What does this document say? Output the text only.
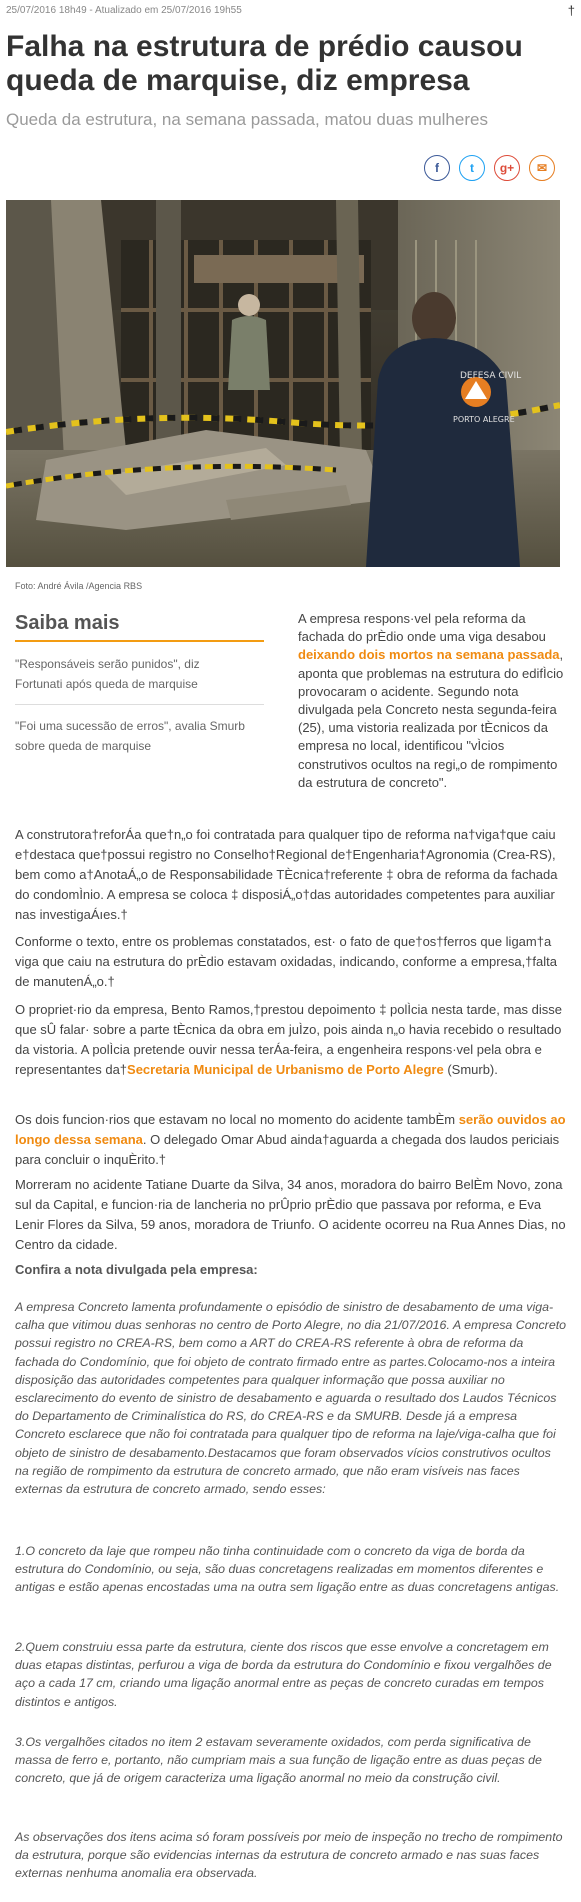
25/07/2016 18h49 - Atualizado em 25/07/2016 19h55	†
Falha na estrutura de prédio causou queda de marquise, diz empresa

Queda da estrutura, na semana passada, matou duas mulheres

f	t g+ ✉
DEFESA CIVIL
PORTO ALEGRE
Foto: André Ávila /Agencia RBS
Saiba mais
"Responsáveis serão punidos", diz Fortunati após queda de marquise
"Foi uma sucessão de erros", avalia Smurb sobre queda de marquise

A empresa respons·vel pela reforma da fachada do prÈdio onde uma viga desabou deixando dois mortos na semana passada, aponta que problemas na estrutura do edifÌcio provocaram o acidente. Segundo nota divulgada pela Concreto nesta segunda-feira (25), uma vistoria realizada por tÈcnicos da empresa no local, identificou "vÌcios construtivos ocultos na regi„o de rompimento da estrutura de concreto".

A construtora†reforÁa que†n„o foi contratada para qualquer tipo de reforma na†viga†que caiu e†destaca que†possui registro no Conselho†Regional de†Engenharia†Agronomia (Crea-RS), bem como a†AnotaÁ„o de Responsabilidade TÈcnica†referente ‡ obra de reforma da fachada do condomÌnio. A empresa se coloca ‡ disposiÁ„o†das autoridades competentes para auxiliar nas investigaÁıes.†

Conforme o texto, entre os problemas constatados, est· o fato de que†os†ferros que ligam†a viga que caiu na estrutura do prÈdio estavam oxidadas, indicando, conforme a empresa,†falta de manutenÁ„o.†

O propriet·rio da empresa, Bento Ramos,†prestou depoimento ‡ polÌcia nesta tarde, mas disse que sÛ falar· sobre a parte tÈcnica da obra em juÌzo, pois ainda n„o havia recebido o resultado da vistoria. A polÌcia pretende ouvir nessa terÁa-feira, a engenheira respons·vel pela obra e representantes da†Secretaria Municipal de Urbanismo de Porto Alegre (Smurb).

Os dois funcion·rios que estavam no local no momento do acidente tambÈm serão ouvidos ao longo dessa semana. O delegado Omar Abud ainda†aguarda a chegada dos laudos periciais para concluir o inquÈrito.†

Morreram no acidente Tatiane Duarte da Silva, 34 anos, moradora do bairro BelÈm Novo, zona sul da Capital, e funcion·ria de lancheria no prÛprio prÈdio que passava por reforma, e Eva Lenir Flores da Silva, 59 anos, moradora de Triunfo. O acidente ocorreu na Rua Annes Dias, no Centro da cidade.

Confira a nota divulgada pela empresa:

A empresa Concreto lamenta profundamente o episódio de sinistro de desabamento de uma viga-calha que vitimou duas senhoras no centro de Porto Alegre, no dia 21/07/2016. A empresa Concreto possui registro no CREA-RS, bem como a ART do CREA-RS referente à obra de reforma da fachada do Condomínio, que foi objeto de contrato firmado entre as partes.Colocamo-nos a inteira disposição das autoridades competentes para qualquer informação que possa auxiliar no esclarecimento do evento de sinistro de desabamento e aguarda o resultado dos Laudos Técnicos do Departamento de Criminalística do RS, do CREA-RS e da SMURB. Desde já a empresa Concreto esclarece que não foi contratada para qualquer tipo de reforma na laje/viga-calha que foi objeto de sinistro de desabamento.Destacamos que foram observados vícios construtivos ocultos na região de rompimento da estrutura de concreto armado, que não eram visíveis nas faces externas da estrutura de concreto armado, sendo esses:

1.O concreto da laje que rompeu não tinha continuidade com o concreto da viga de borda da estrutura do Condomínio, ou seja, são duas concretagens realizadas em momentos diferentes e antigas e estão apenas encostadas uma na outra sem ligação entre as duas concretagens antigas.

2.Quem construiu essa parte da estrutura, ciente dos riscos que esse envolve a concretagem em duas etapas distintas, perfurou a viga de borda da estrutura do Condomínio e fixou vergalhões de aço a cada 17 cm, criando uma ligação anormal entre as peças de concreto curadas em tempos distintos e antigos.

3.Os vergalhões citados no item 2 estavam severamente oxidados, com perda significativa de massa de ferro e, portanto, não cumpriam mais a sua função de ligação entre as duas peças de concreto, que já de origem caracteriza uma ligação anormal no meio da construção civil.

As observações dos itens acima só foram possíveis por meio de inspeção no trecho de rompimento da estrutura, porque são evidencias internas da estrutura de concreto armado e nas suas faces externas nenhuma anomalia era observada.
